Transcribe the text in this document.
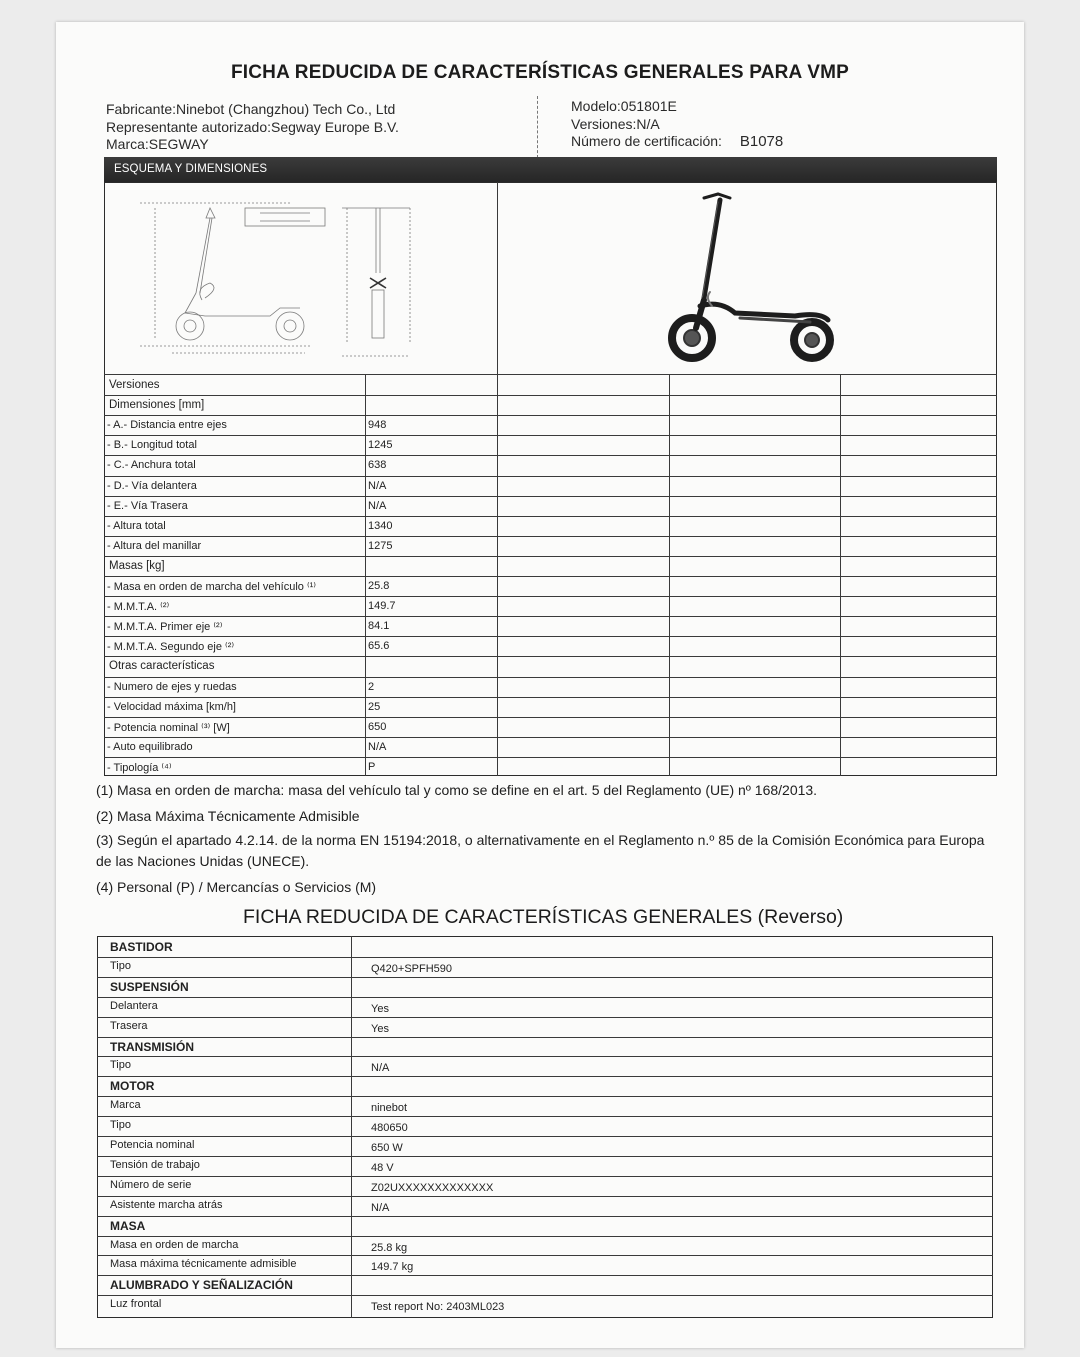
FICHA REDUCIDA DE CARACTERÍSTICAS GENERALES PARA VMP
Fabricante:Ninebot (Changzhou) Tech Co., Ltd
Representante autorizado:Segway Europe B.V.
Marca:SEGWAY
Modelo:051801E
Versiones:N/A
Número de certificación: B1078
ESQUEMA Y DIMENSIONES
Versiones
Dimensiones [mm]
- A.- Distancia entre ejes	948
- B.- Longitud total	1245
- C.- Anchura total	638
- D.- Vía delantera	N/A
- E.- Vía Trasera	N/A
- Altura total	1340
- Altura del manillar	1275
Masas [kg]
- Masa en orden de marcha del vehículo ⁽¹⁾	25.8
- M.M.T.A. ⁽²⁾	149.7
- M.M.T.A. Primer eje ⁽²⁾	84.1
- M.M.T.A. Segundo eje ⁽²⁾	65.6
Otras características
- Numero de ejes y ruedas	2
- Velocidad máxima [km/h]	25
- Potencia nominal ⁽³⁾ [W]	650
- Auto equilibrado	N/A
- Tipología ⁽⁴⁾	P
(1) Masa en orden de marcha: masa del vehículo tal y como se define en el art. 5 del Reglamento (UE) nº 168/2013.
(2) Masa Máxima Técnicamente Admisible
(3) Según el apartado 4.2.14. de la norma EN 15194:2018, o alternativamente en el Reglamento n.º 85 de la Comisión Económica para Europa de las Naciones Unidas (UNECE).
(4) Personal (P) / Mercancías o Servicios (M)
FICHA REDUCIDA DE CARACTERÍSTICAS GENERALES (Reverso)
BASTIDOR
Tipo	Q420+SPFH590
SUSPENSIÓN
Delantera	Yes
Trasera	Yes
TRANSMISIÓN
Tipo	N/A
MOTOR
Marca	ninebot
Tipo	480650
Potencia nominal	650 W
Tensión de trabajo	48 V
Número de serie	Z02UXXXXXXXXXXXXX
Asistente marcha atrás	N/A
MASA
Masa en orden de marcha	25.8 kg
Masa máxima técnicamente admisible	149.7 kg
ALUMBRADO Y SEÑALIZACIÓN
Luz frontal	Test report No: 2403ML023
